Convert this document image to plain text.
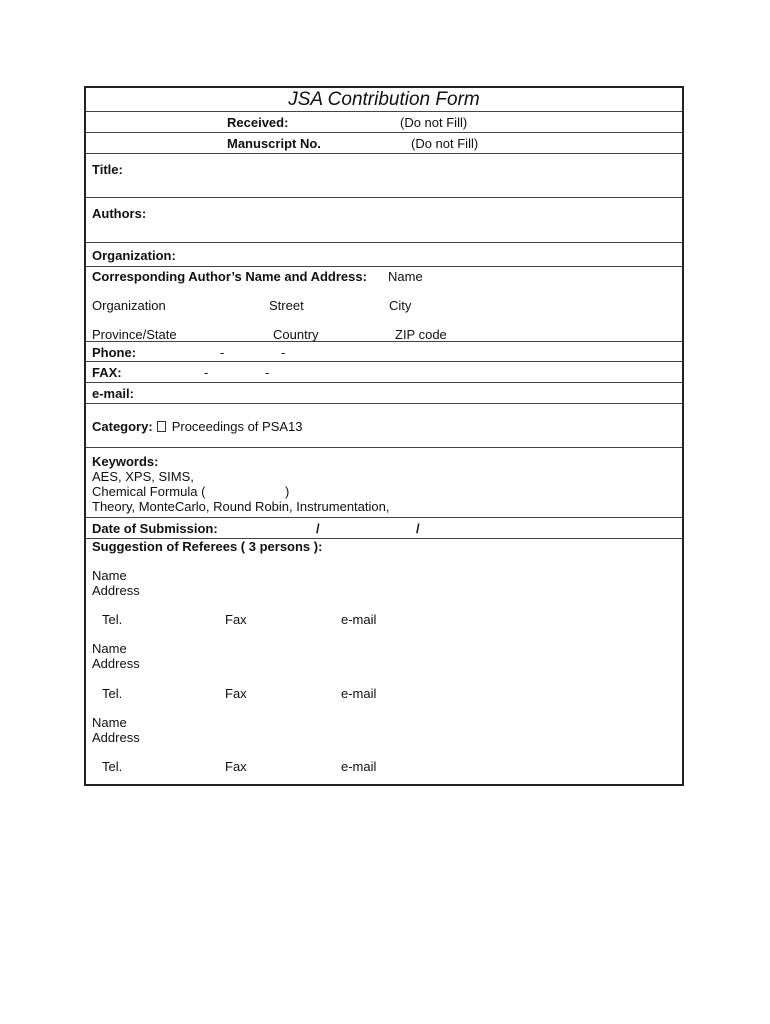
JSA Contribution Form
Received:	(Do not Fill)
Manuscript No.	(Do not Fill)
Title:
Authors:
Organization:
Corresponding Author’s Name and Address: Name
Organization	Street	City
Province/State	Country	ZIP code
Phone:	-	-
FAX:	-	-
e-mail:
Category: Proceedings of PSA13
Keywords:
AES, XPS, SIMS,
Chemical Formula (	)
Theory, MonteCarlo, Round Robin, Instrumentation,
Date of Submission:	/	/
Suggestion of Referees ( 3 persons ):
Name
Address
Tel.	Fax	e-mail
Name
Address
Tel.	Fax	e-mail
Name
Address
Tel.	Fax	e-mail
